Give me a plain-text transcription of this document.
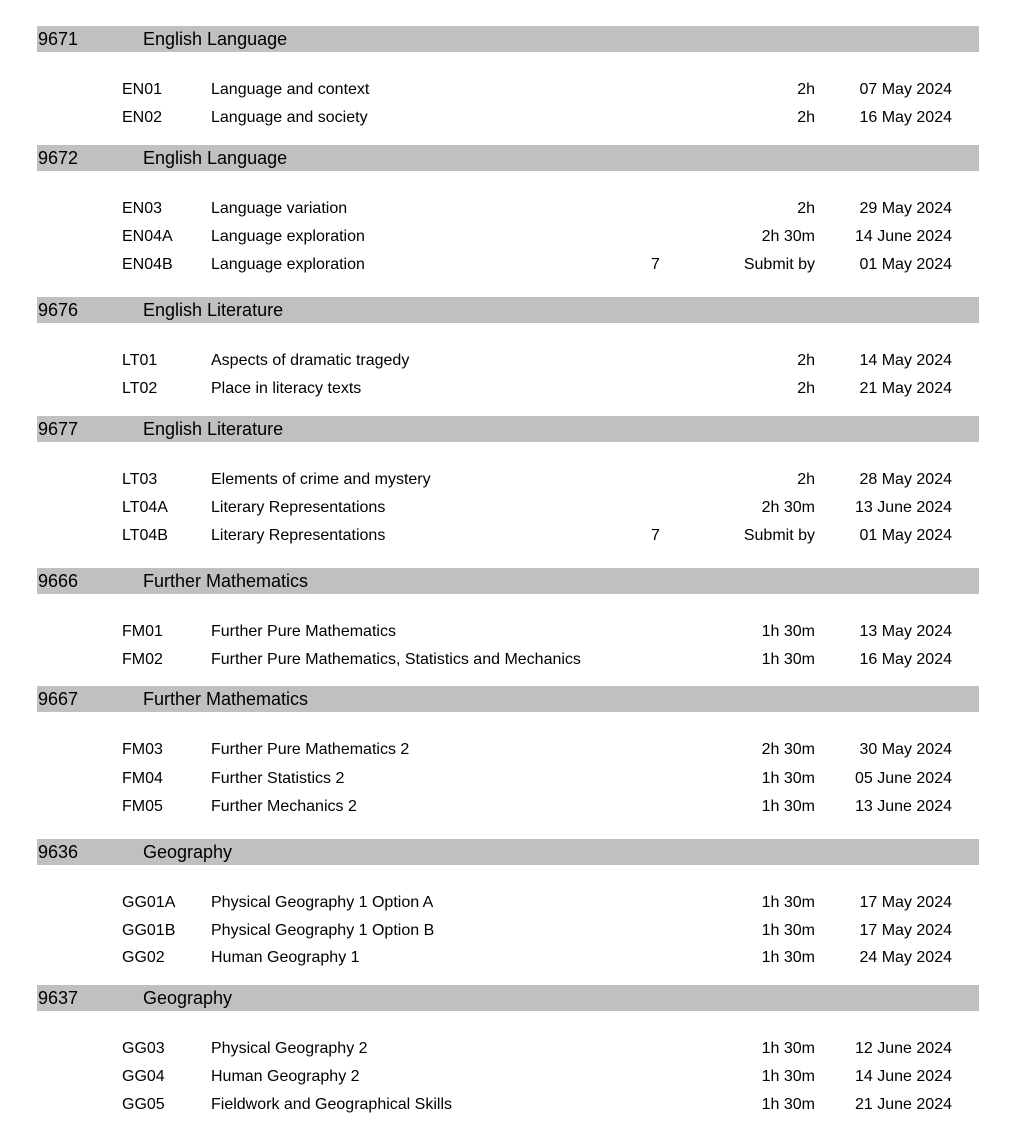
9671	English Language
EN01	Language and context	2h	07 May 2024
EN02	Language and society	2h	16 May 2024
9672	English Language
EN03	Language variation	2h	29 May 2024
EN04A Language exploration	2h 30m	14 June 2024
EN04B Language exploration	7	Submit by	01 May 2024
9676	English Literature
LT01	Aspects of dramatic tragedy	2h	14 May 2024
LT02	Place in literacy texts	2h	21 May 2024
9677	English Literature
LT03	Elements of crime and mystery	2h	28 May 2024
LT04A	Literary Representations	2h 30m	13 June 2024
LT04B	Literary Representations	7	Submit by	01 May 2024
9666	Further Mathematics
FM01	Further Pure Mathematics	1h 30m	13 May 2024
FM02	Further Pure Mathematics, Statistics and Mechanics	1h 30m	16 May 2024
9667	Further Mathematics
FM03	Further Pure Mathematics 2	2h 30m	30 May 2024
FM04	Further Statistics 2	1h 30m	05 June 2024
FM05	Further Mechanics 2	1h 30m	13 June 2024
9636	Geography
GG01A Physical Geography 1 Option A	1h 30m	17 May 2024
GG01B Physical Geography 1 Option B	1h 30m	17 May 2024
GG02	Human Geography 1	1h 30m	24 May 2024
9637	Geography
GG03	Physical Geography 2	1h 30m	12 June 2024
GG04	Human Geography 2	1h 30m	14 June 2024
GG05	Fieldwork and Geographical Skills	1h 30m	21 June 2024
